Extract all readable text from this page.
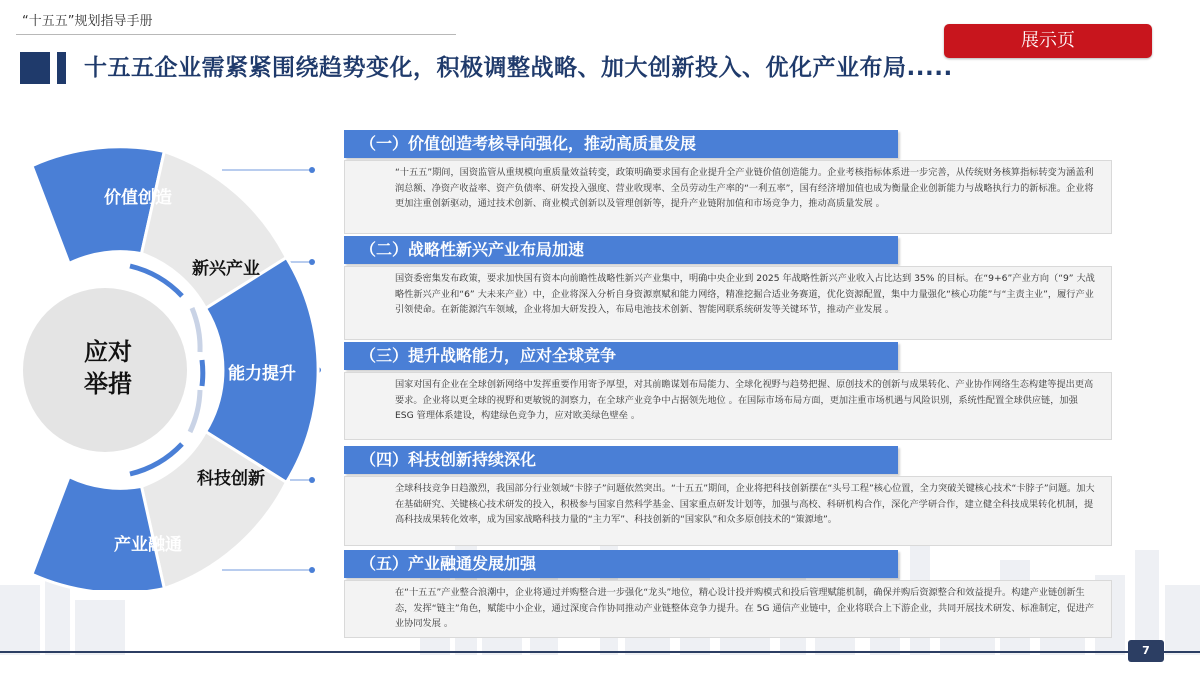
“十五五”规划指导手册
展示页
十五五企业需紧紧围绕趋势变化，积极调整战略、加大创新投入、优化产业布局.....
应对
举措
价值创造
新兴产业
能力提升
科技创新
产业融通
（一）价值创造考核导向强化，推动高质量发展
“十五五”期间，国资监管从重规模向重质量效益转变，政策明确要求国有企业提升全产业链价值创造能力。企业考核指标体系进一步完善，从传统财务核算指标转变为涵盖利润总额、净资产收益率、资产负债率、研发投入强度、营业收现率、全员劳动生产率的“一利五率”，国有经济增加值也成为衡量企业创新能力与战略执行力的新标准。企业将更加注重创新驱动，通过技术创新、商业模式创新以及管理创新等，提升产业链附加值和市场竞争力，推动高质量发展 。
（二）战略性新兴产业布局加速
国资委密集发布政策，要求加快国有资本向前瞻性战略性新兴产业集中，明确中央企业到 2025 年战略性新兴产业收入占比达到 35% 的目标。在“9+6”产业方向（“9” 大战略性新兴产业和“6” 大未来产业）中，企业将深入分析自身资源禀赋和能力网络，精准挖掘合适业务赛道，优化资源配置，集中力量强化“核心功能”与“主责主业”，履行产业引领使命。在新能源汽车领域，企业将加大研发投入，布局电池技术创新、智能网联系统研发等关键环节，推动产业发展 。
（三）提升战略能力，应对全球竞争
国家对国有企业在全球创新网络中发挥重要作用寄予厚望，对其前瞻谋划布局能力、全球化视野与趋势把握、原创技术的创新与成果转化、产业协作网络生态构建等提出更高要求。企业将以更全球的视野和更敏锐的洞察力，在全球产业竞争中占据领先地位 。在国际市场布局方面，更加注重市场机遇与风险识别，系统性配置全球供应链，加强 ESG 管理体系建设，构建绿色竞争力，应对欧美绿色壁垒 。
（四）科技创新持续深化
全球科技竞争日趋激烈，我国部分行业领域“卡脖子”问题依然突出。“十五五”期间，企业将把科技创新摆在“头号工程”核心位置，全力突破关键核心技术“卡脖子”问题。加大在基础研究、关键核心技术研发的投入，积极参与国家自然科学基金、国家重点研发计划等，加强与高校、科研机构合作，深化产学研合作，建立健全科技成果转化机制，提高科技成果转化效率，成为国家战略科技力量的“主力军”、科技创新的“国家队”和众多原创技术的“策源地”。
（五）产业融通发展加强
在“十五五”产业整合浪潮中，企业将通过并购整合进一步强化“龙头”地位，精心设计投并购模式和投后管理赋能机制，确保并购后资源整合和效益提升。构建产业链创新生态，发挥“链主”角色，赋能中小企业，通过深度合作协同推动产业链整体竞争力提升。在 5G 通信产业链中，企业将联合上下游企业，共同开展技术研发、标准制定，促进产业协同发展 。
7
